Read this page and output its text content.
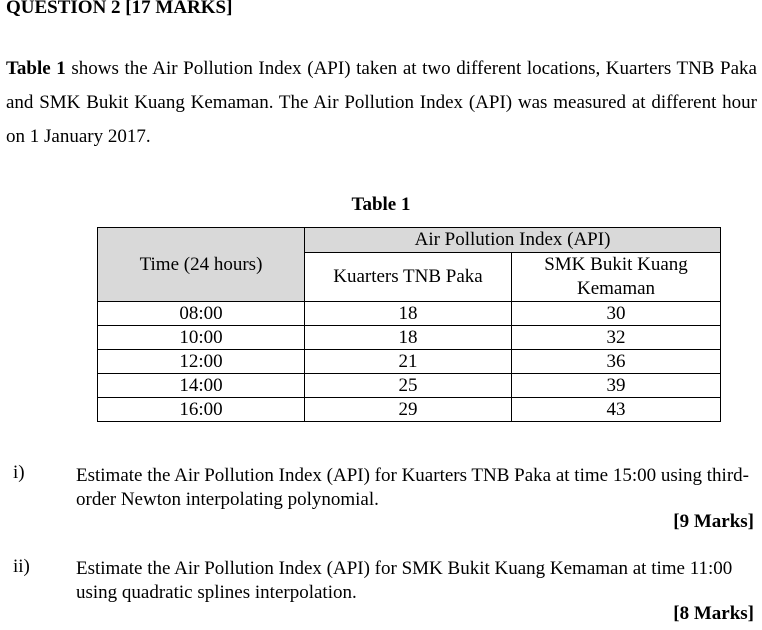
QUESTION 2 [17 MARKS]
Table 1 shows the Air Pollution Index (API) taken at two different locations, Kuarters TNB Paka and SMK Bukit Kuang Kemaman. The Air Pollution Index (API) was measured at different hour on 1 January 2017.
Table 1
Time (24 hours)	Air Pollution Index (API)	
	Kuarters TNB Paka	SMK Bukit Kuang Kemaman
08:00	18	30
10:00	18	32
12:00	21	36
14:00	25	39
16:00	29	43
i)	Estimate the Air Pollution Index (API) for Kuarters TNB Paka at time 15:00 using third-order Newton interpolating polynomial.
[9 Marks]
ii) Estimate the Air Pollution Index (API) for SMK Bukit Kuang Kemaman at time 11:00 using quadratic splines interpolation.
[8 Marks]
